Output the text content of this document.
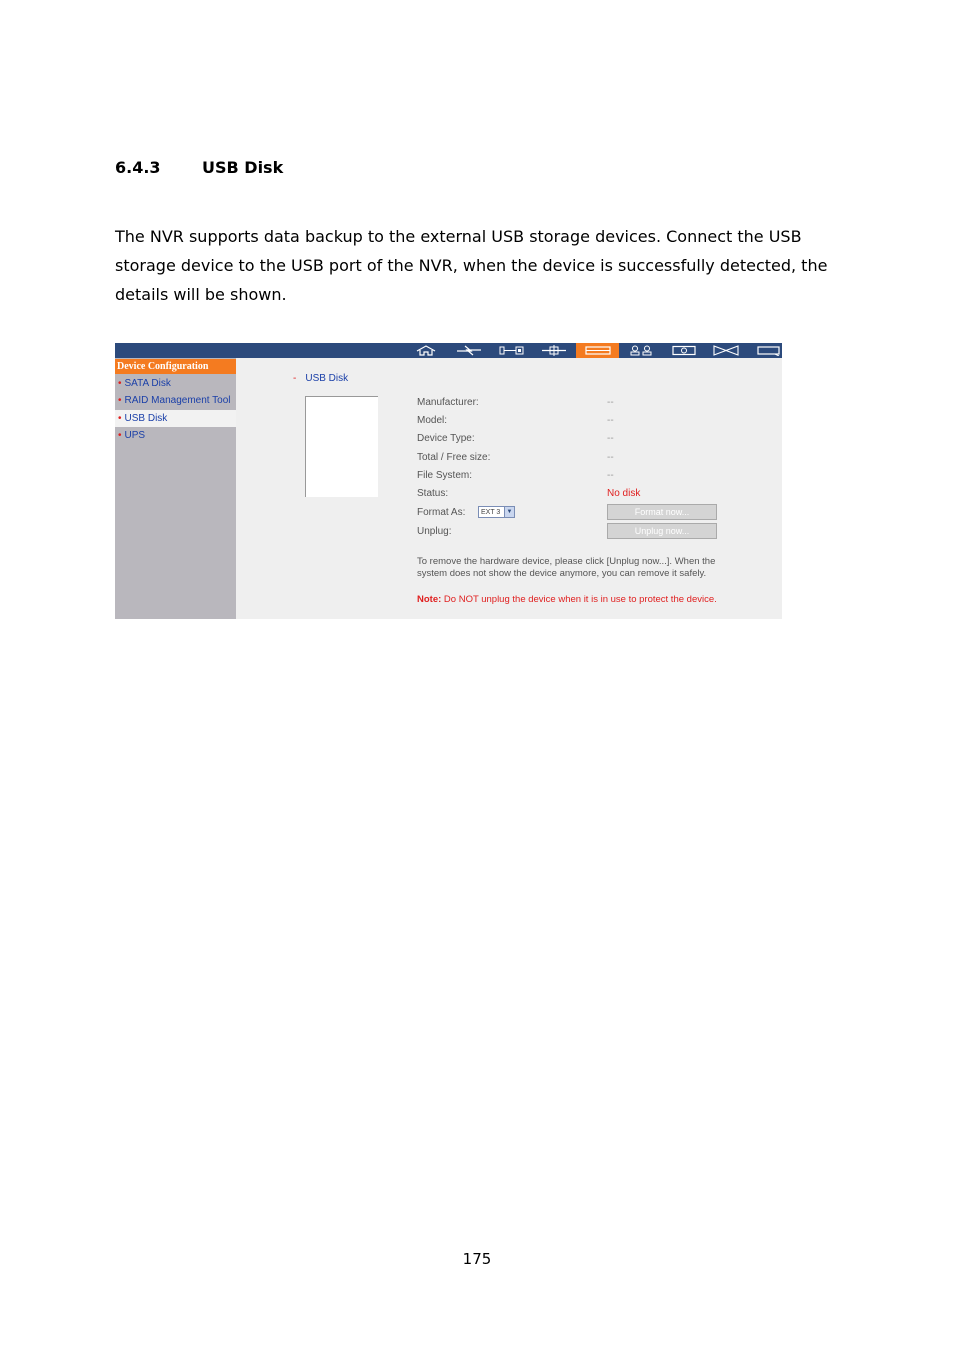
6.4.3	USB Disk

The NVR supports data backup to the external USB storage devices. Connect the USB storage device to the USB port of the NVR, when the device is successfully detected, the details will be shown.

Device Configuration
• SATA Disk
• RAID Management Tool
• USB Disk
• UPS
- USB Disk
Manufacturer:	--
Model:	--
Device Type:	--
Total / Free size:	--
File System:	--
Status:	No disk
Format As:	EXT 3	▼	Format now...
Unplug:	Unplug now...
To remove the hardware device, please click [Unplug now...]. When the system does not show the device anymore, you can remove it safely.
Note: Do NOT unplug the device when it is in use to protect the device.
175
